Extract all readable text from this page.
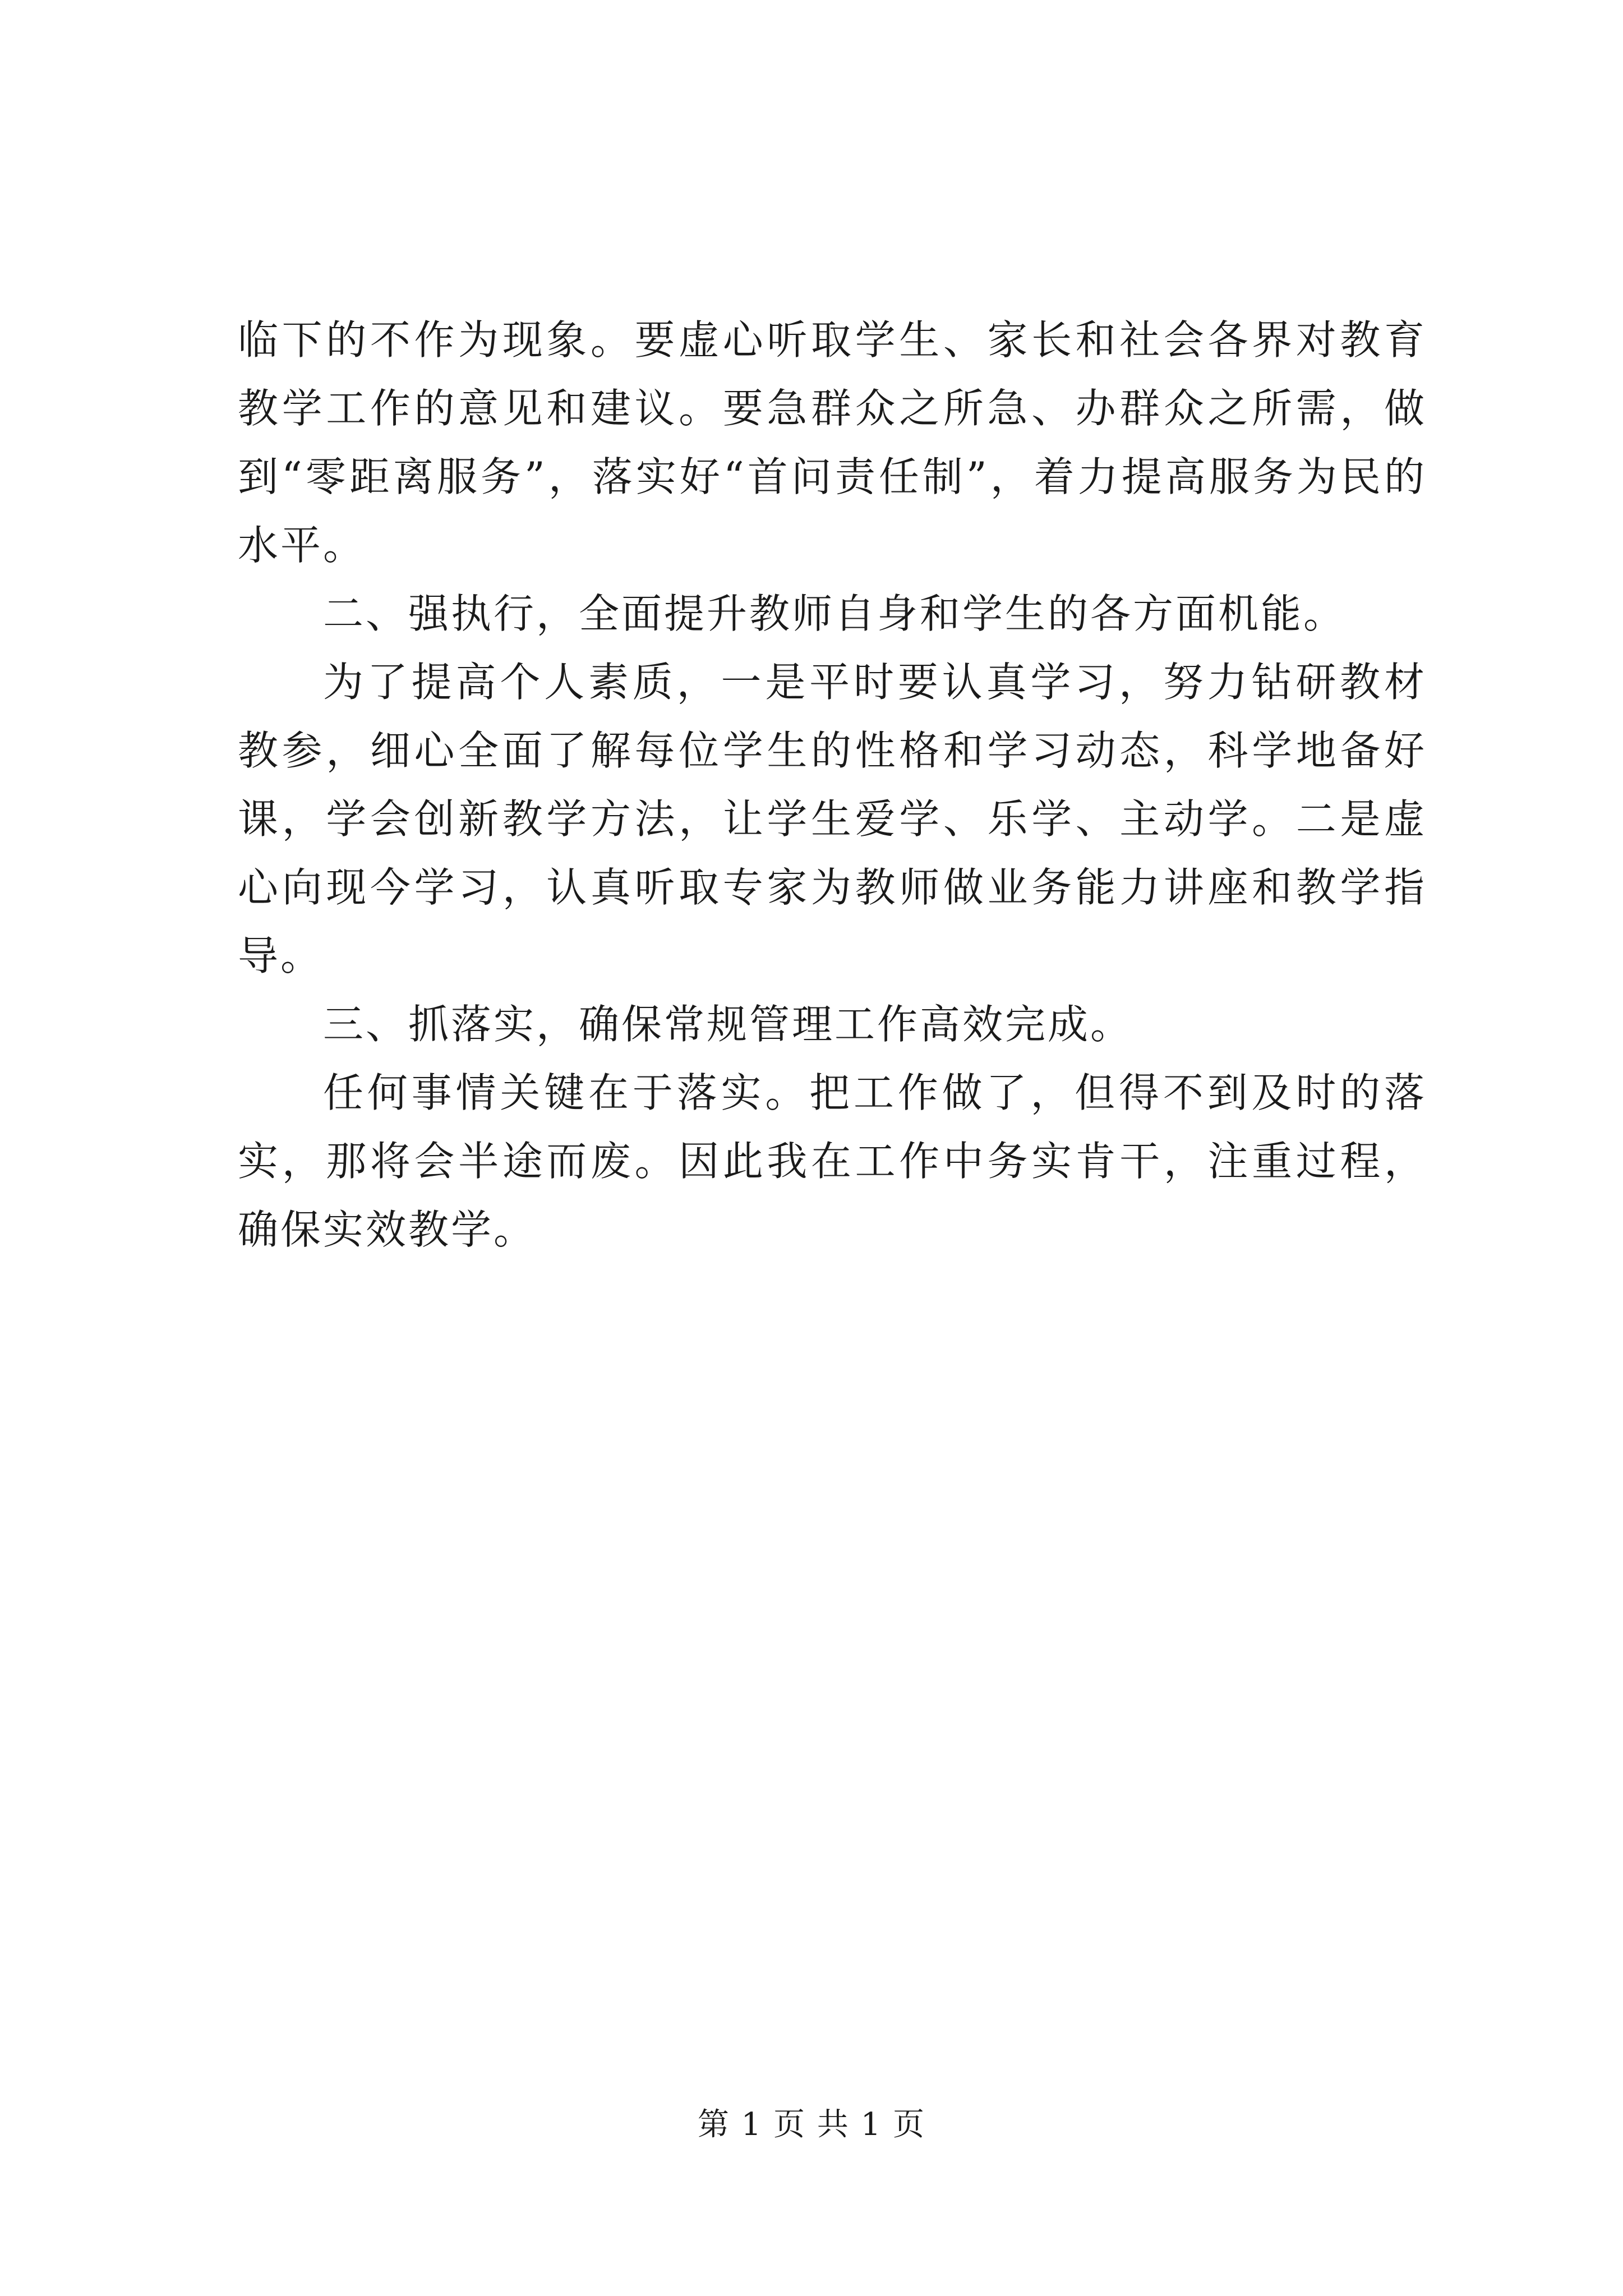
临下的不作为现象。要虚心听取学生、家长和社会各界对教育教学工作的意见和建议。要急群众之所急、办群众之所需，做到“零距离服务”，落实好“首问责任制”，着力提高服务为民的水平。

二、强执行，全面提升教师自身和学生的各方面机能。

为了提高个人素质，一是平时要认真学习，努力钻研教材教参，细心全面了解每位学生的性格和学习动态，科学地备好课，学会创新教学方法，让学生爱学、乐学、主动学。二是虚心向现今学习，认真听取专家为教师做业务能力讲座和教学指导。

三、抓落实，确保常规管理工作高效完成。

任何事情关键在于落实。把工作做了，但得不到及时的落实，那将会半途而废。因此我在工作中务实肯干，注重过程，确保实效教学。

第 1 页 共 1 页
